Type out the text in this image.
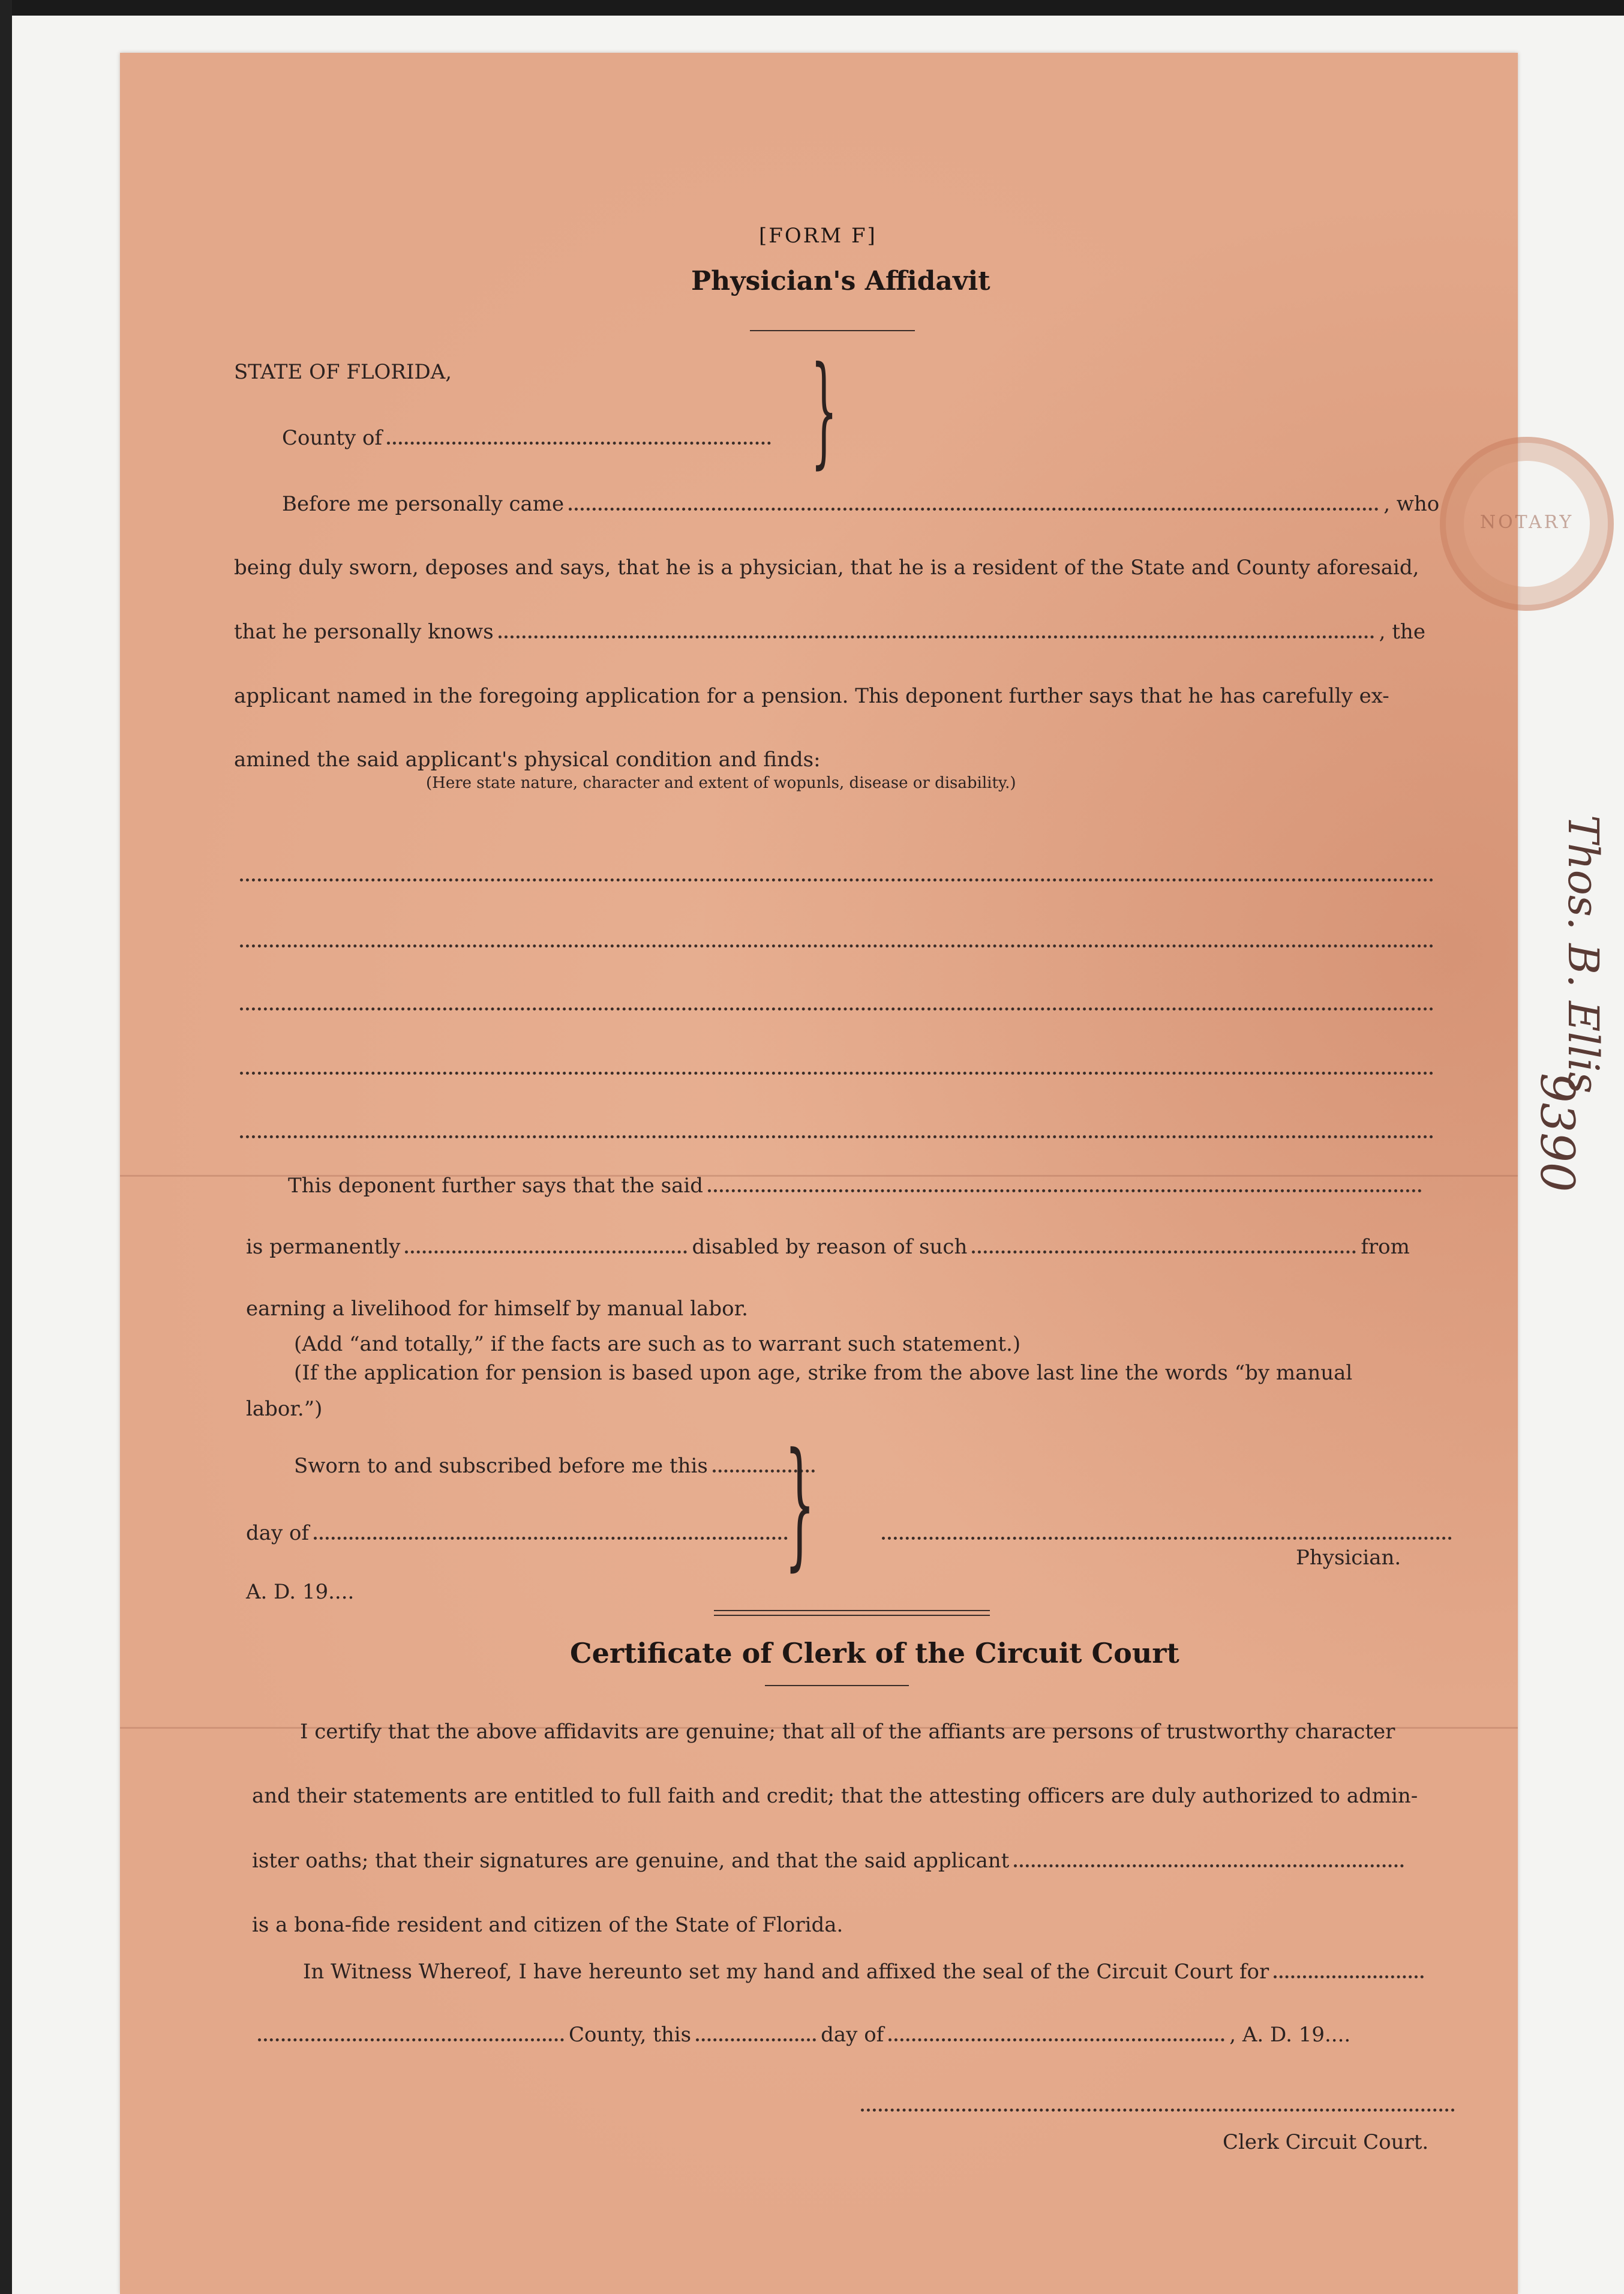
NOTARY
[FORM F]
Physician's Affidavit
STATE OF FLORIDA,
County of	}
Before me personally came	, who
being duly sworn, deposes and says, that he is a physician, that he is a resident of the State and County aforesaid,
that he personally knows	, the
applicant named in the foregoing application for a pension. This deponent further says that he has carefully ex-
amined the said applicant's physical condition and finds:
(Here state nature, character and extent of wopunls, disease or disability.)
This deponent further says that the said
is permanently	disabled by reason of such	from
earning a livelihood for himself by manual labor.
(Add “and totally,” if the facts are such as to warrant such statement.)
(If the application for pension is based upon age, strike from the above last line the words “by manual
labor.”)
Sworn to and subscribed before me this
day of
A. D. 19....
}	Physician.
Certificate of Clerk of the Circuit Court
I certify that the above affidavits are genuine; that all of the affiants are persons of trustworthy character
and their statements are entitled to full faith and credit; that the attesting officers are duly authorized to admin-
ister oaths; that their signatures are genuine, and that the said applicant
is a bona-fide resident and citizen of the State of Florida.
In Witness Whereof, I have hereunto set my hand and affixed the seal of the Circuit Court for
County, this	day of	, A. D. 19....
Clerk Circuit Court.
Thos. B. Ellis
9390
